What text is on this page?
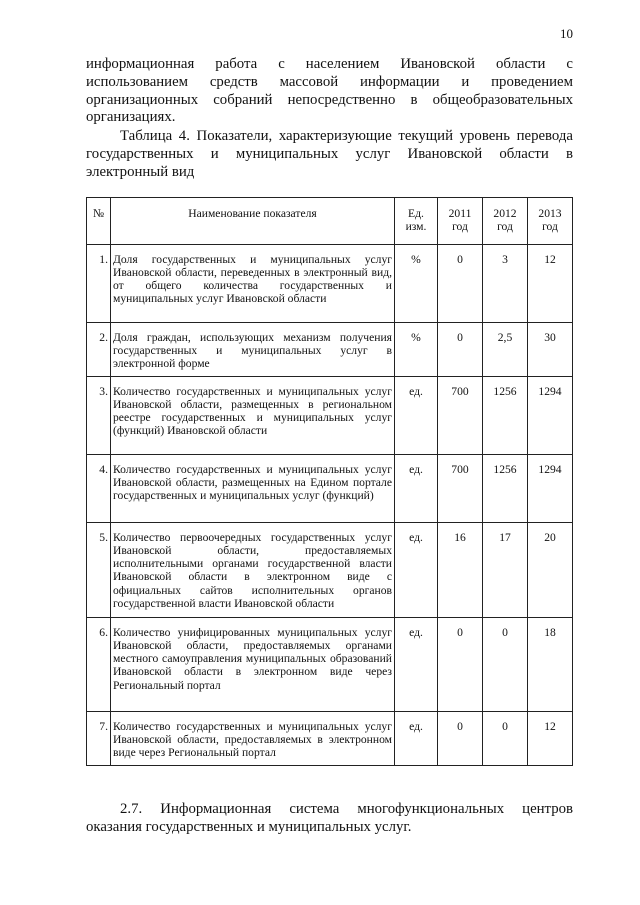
10

информационная работа с населением Ивановской области с использованием средств массовой информации и проведением организационных собраний непосредственно в общеобразовательных организациях.

Таблица 4. Показатели, характеризующие текущий уровень перевода государственных и муниципальных услуг Ивановской области в электронный вид

№	Наименование показателя	Ед. изм.	2011 год	2012 год	2013 год
1.	Доля государственных и муниципальных услуг Ивановской области, переведенных в электронный вид, от общего количества государственных и муниципальных услуг Ивановской области	%	0	3	12
2.	Доля граждан, использующих механизм получения государственных и муниципальных услуг в электронной форме	%	0	2,5	30
3.	Количество государственных и муниципальных услуг Ивановской области, размещенных в региональном реестре государственных и муниципальных услуг (функций) Ивановской области	ед.	700	1256	1294
4.	Количество государственных и муниципальных услуг Ивановской области, размещенных на Едином портале государственных и муниципальных услуг (функций)	ед.	700	1256	1294
5.	Количество первоочередных государственных услуг Ивановской области, предоставляемых исполнительными органами государственной власти Ивановской области в электронном виде с официальных сайтов исполнительных органов государственной власти Ивановской области	ед.	16	17	20
6.	Количество унифицированных муниципальных услуг Ивановской области, предоставляемых органами местного самоуправления муниципальных образований Ивановской области в электронном виде через Региональный портал	ед.	0	0	18
7.	Количество государственных и муниципальных услуг Ивановской области, предоставляемых в электронном виде через Региональный портал	ед.	0	0	12

2.7. Информационная система многофункциональных центров оказания государственных и муниципальных услуг.
